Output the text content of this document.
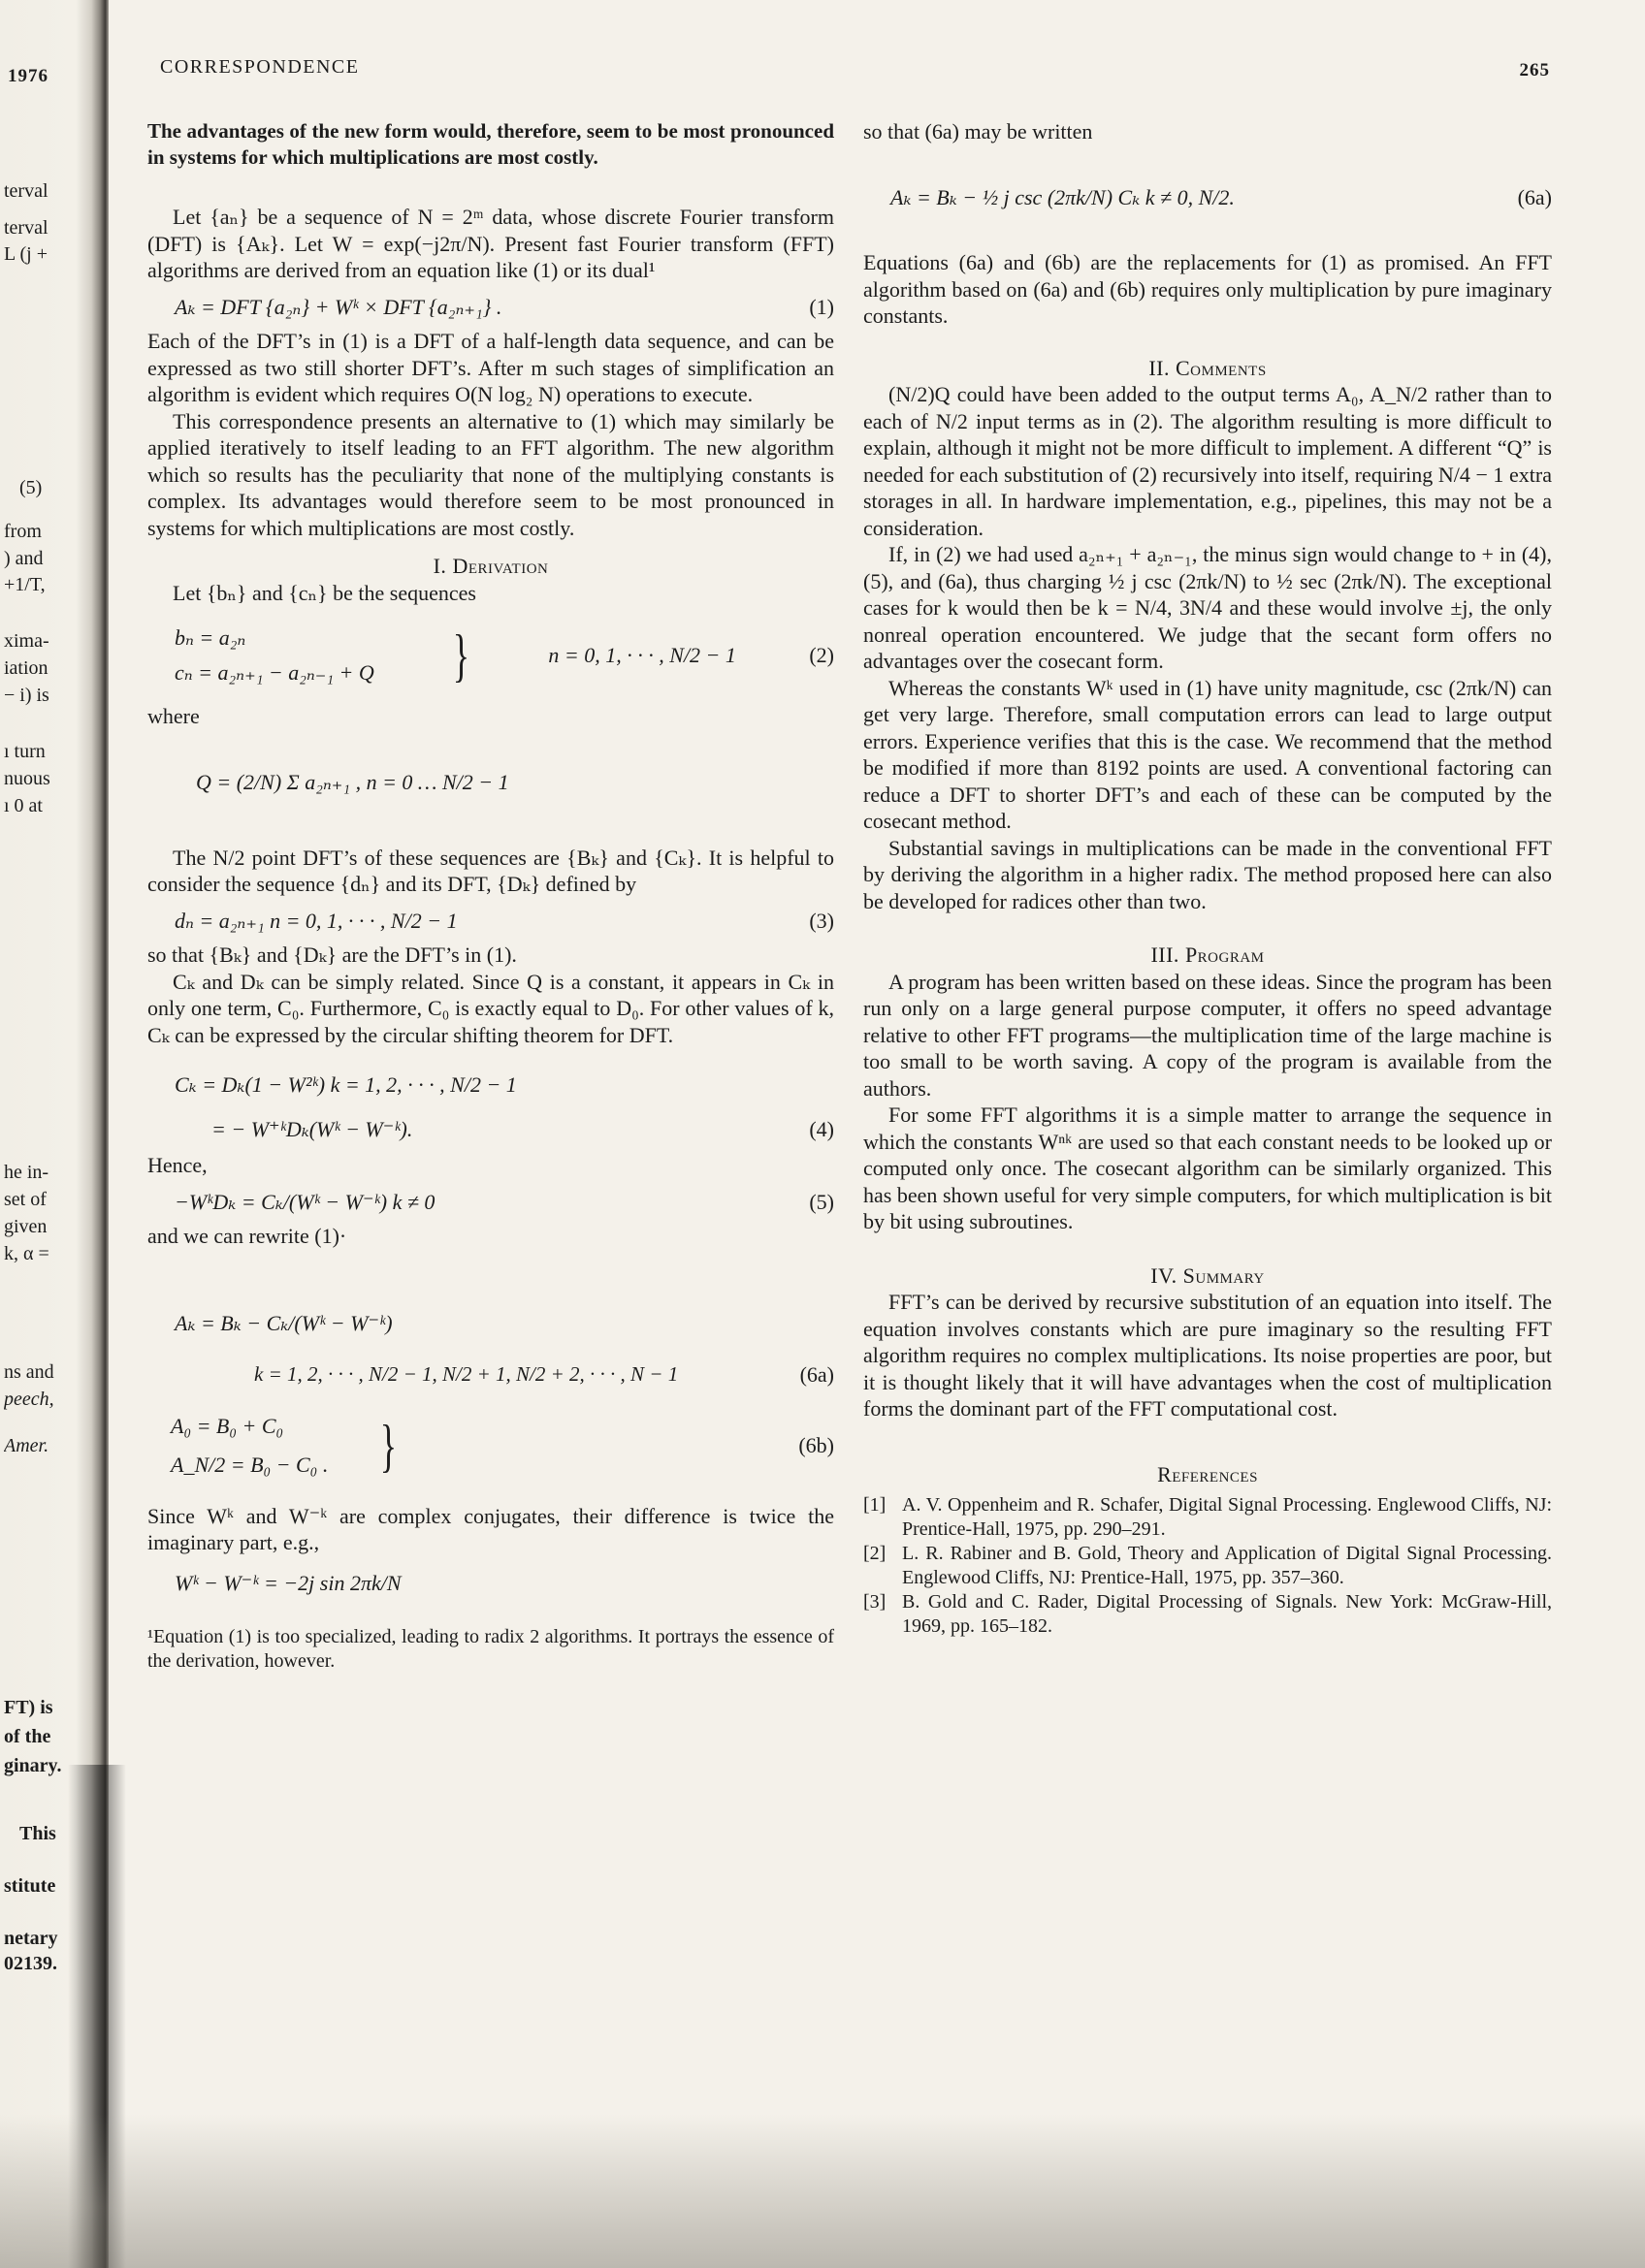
terval
terval
L (j +
(5)
from
) and
+1/T,
xima-
iation
− i) is
ı turn
nuous
ı 0 at
he in-
set of
given
k, α =
ns and
peech,
Amer.
FT) is
of the
ginary.
This
stitute
netary
02139.
1976	CORRESPONDENCE	265

The advantages of the new form would, therefore, seem to be most pronounced in systems for which multiplications are most costly.

Let {aₙ} be a sequence of N = 2ᵐ data, whose discrete Fourier transform (DFT) is {Aₖ}. Let W = exp(−j2π/N). Present fast Fourier transform (FFT) algorithms are derived from an equation like (1) or its dual¹

Aₖ = DFT {a₂ₙ} + Wᵏ × DFT {a₂ₙ₊₁} .	(1)

Each of the DFT’s in (1) is a DFT of a half-length data sequence, and can be expressed as two still shorter DFT’s. After m such stages of simplification an algorithm is evident which requires O(N log₂ N) operations to execute.

This correspondence presents an alternative to (1) which may similarly be applied iteratively to itself leading to an FFT algorithm. The new algorithm which so results has the peculiarity that none of the multiplying constants is complex. Its advantages would therefore seem to be most pronounced in systems for which multiplications are most costly.

I. Derivation

Let {bₙ} and {cₙ} be the sequences

bₙ = a₂ₙ
cₙ = a₂ₙ₊₁ − a₂ₙ₋₁ + Q }	n = 0, 1, · · · , N/2 − 1	(2)

where

Q = (2/N) Σ a₂ₙ₊₁ , n = 0 … N/2 − 1

The N/2 point DFT’s of these sequences are {Bₖ} and {Cₖ}. It is helpful to consider the sequence {dₙ} and its DFT, {Dₖ} defined by

dₙ = a₂ₙ₊₁ n = 0, 1, · · · , N/2 − 1	(3)

so that {Bₖ} and {Dₖ} are the DFT’s in (1).

Cₖ and Dₖ can be simply related. Since Q is a constant, it appears in Cₖ in only one term, C₀. Furthermore, C₀ is exactly equal to D₀. For other values of k, Cₖ can be expressed by the circular shifting theorem for DFT.

Cₖ = Dₖ(1 − W²ᵏ) k = 1, 2, · · · , N/2 − 1
= − W⁺ᵏDₖ(Wᵏ − W⁻ᵏ).	(4)

Hence,

−WᵏDₖ = Cₖ/(Wᵏ − W⁻ᵏ) k ≠ 0	(5)

and we can rewrite (1)·

Aₖ = Bₖ − Cₖ/(Wᵏ − W⁻ᵏ)
k = 1, 2, · · · , N/2 − 1, N/2 + 1, N/2 + 2, · · · , N − 1	(6a)
A₀ = B₀ + C₀
A_N/2 = B₀ − C₀ . }	(6b)

Since Wᵏ and W⁻ᵏ are complex conjugates, their difference is twice the imaginary part, e.g.,

Wᵏ − W⁻ᵏ = −2j sin 2πk/N

¹Equation (1) is too specialized, leading to radix 2 algorithms. It portrays the essence of the derivation, however.

so that (6a) may be written

Aₖ = Bₖ − ½ j csc (2πk/N) Cₖ k ≠ 0, N/2.	(6a)

Equations (6a) and (6b) are the replacements for (1) as promised. An FFT algorithm based on (6a) and (6b) requires only multiplication by pure imaginary constants.

II. Comments

(N/2)Q could have been added to the output terms A₀, A_N/2 rather than to each of N/2 input terms as in (2). The algorithm resulting is more difficult to explain, although it might not be more difficult to implement. A different “Q” is needed for each substitution of (2) recursively into itself, requiring N/4 − 1 extra storages in all. In hardware implementation, e.g., pipelines, this may not be a consideration.

If, in (2) we had used a₂ₙ₊₁ + a₂ₙ₋₁, the minus sign would change to + in (4), (5), and (6a), thus charging ½ j csc (2πk/N) to ½ sec (2πk/N). The exceptional cases for k would then be k = N/4, 3N/4 and these would involve ±j, the only nonreal operation encountered. We judge that the secant form offers no advantages over the cosecant form.

Whereas the constants Wᵏ used in (1) have unity magnitude, csc (2πk/N) can get very large. Therefore, small computation errors can lead to large output errors. Experience verifies that this is the case. We recommend that the method be modified if more than 8192 points are used. A conventional factoring can reduce a DFT to shorter DFT’s and each of these can be computed by the cosecant method.

Substantial savings in multiplications can be made in the conventional FFT by deriving the algorithm in a higher radix. The method proposed here can also be developed for radices other than two.

III. Program

A program has been written based on these ideas. Since the program has been run only on a large general purpose computer, it offers no speed advantage relative to other FFT programs—the multiplication time of the large machine is too small to be worth saving. A copy of the program is available from the authors.

For some FFT algorithms it is a simple matter to arrange the sequence in which the constants Wⁿᵏ are used so that each constant needs to be looked up or computed only once. The cosecant algorithm can be similarly organized. This has been shown useful for very simple computers, for which multiplication is bit by bit using subroutines.

IV. Summary

FFT’s can be derived by recursive substitution of an equation into itself. The equation involves constants which are pure imaginary so the resulting FFT algorithm requires no complex multiplications. Its noise properties are poor, but it is thought likely that it will have advantages when the cost of multiplication forms the dominant part of the FFT computational cost.

References

[1] A. V. Oppenheim and R. Schafer, Digital Signal Processing. Englewood Cliffs, NJ: Prentice-Hall, 1975, pp. 290–291.
[2] L. R. Rabiner and B. Gold, Theory and Application of Digital Signal Processing. Englewood Cliffs, NJ: Prentice-Hall, 1975, pp. 357–360.
[3] B. Gold and C. Rader, Digital Processing of Signals. New York: McGraw-Hill, 1969, pp. 165–182.
